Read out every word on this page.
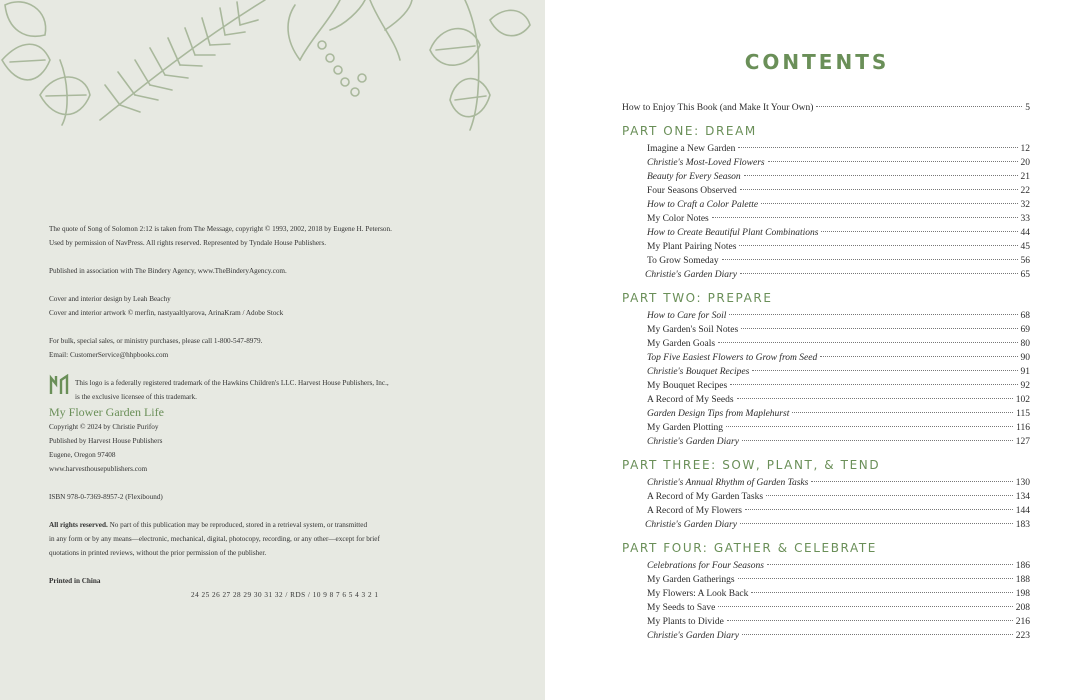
The quote of Song of Solomon 2:12 is taken from The Message, copyright © 1993, 2002, 2018 by Eugene H. Peterson.

Used by permission of NavPress. All rights reserved. Represented by Tyndale House Publishers.

Published in association with The Bindery Agency, www.TheBinderyAgency.com.

Cover and interior design by Leah Beachy

Cover and interior artwork © merfin, nastyaaltlyarova, ArinaKram / Adobe Stock

For bulk, special sales, or ministry purchases, please call 1-800-547-8979.

Email: CustomerService@hhpbooks.com

This logo is a federally registered trademark of the Hawkins Children's LLC. Harvest House Publishers, Inc.,

is the exclusive licensee of this trademark.

My Flower Garden Life

Copyright © 2024 by Christie Purifoy

Published by Harvest House Publishers

Eugene, Oregon 97408

www.harvesthousepublishers.com

ISBN 978-0-7369-8957-2 (Flexibound)

All rights reserved. No part of this publication may be reproduced, stored in a retrieval system, or transmitted

in any form or by any means—electronic, mechanical, digital, photocopy, recording, or any other—except for brief

quotations in printed reviews, without the prior permission of the publisher.

Printed in China

24 25 26 27 28 29 30 31 32 / RDS / 10 9 8 7 6 5 4 3 2 1

CONTENTS
How to Enjoy This Book (and Make It Your Own)	5
PART ONE: DREAM
Imagine a New Garden	12
Christie's Most-Loved Flowers	20
Beauty for Every Season	21
Four Seasons Observed	22
How to Craft a Color Palette	32
My Color Notes	33
How to Create Beautiful Plant Combinations	44
My Plant Pairing Notes	45
To Grow Someday	56
Christie's Garden Diary	65
PART TWO: PREPARE
How to Care for Soil	68
My Garden's Soil Notes	69
My Garden Goals	80
Top Five Easiest Flowers to Grow from Seed	90
Christie's Bouquet Recipes	91
My Bouquet Recipes	92
A Record of My Seeds	102
Garden Design Tips from Maplehurst	115
My Garden Plotting	116
Christie's Garden Diary	127
PART THREE: SOW, PLANT, & TEND
Christie's Annual Rhythm of Garden Tasks	130
A Record of My Garden Tasks	134
A Record of My Flowers	144
Christie's Garden Diary	183
PART FOUR: GATHER & CELEBRATE
Celebrations for Four Seasons	186
My Garden Gatherings	188
My Flowers: A Look Back	198
My Seeds to Save	208
My Plants to Divide	216
Christie's Garden Diary	223
